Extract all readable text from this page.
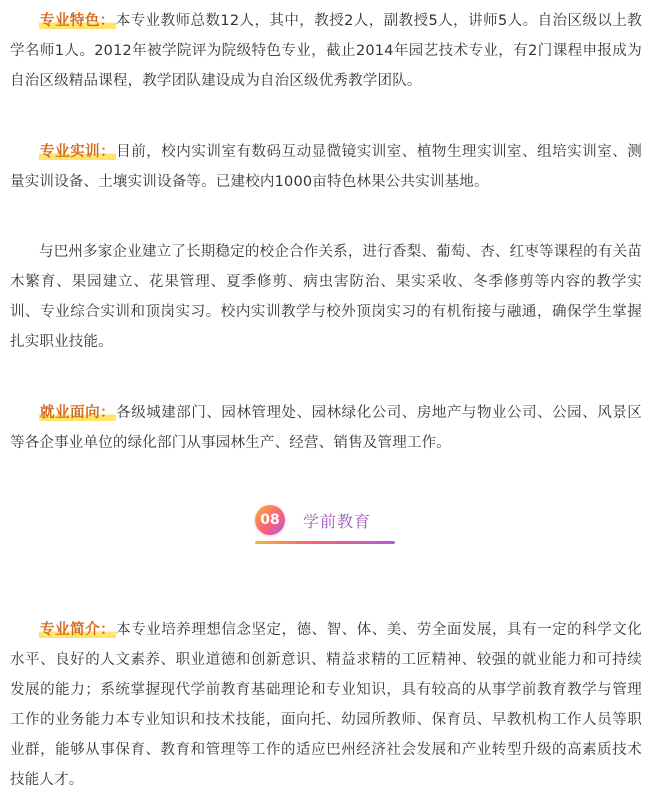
专业特色：本专业教师总数12人，其中，教授2人，副教授5人，讲师5人。自治区级以上教学名师1人。2012年被学院评为院级特色专业，截止2014年园艺技术专业，有2门课程申报成为自治区级精品课程，教学团队建设成为自治区级优秀教学团队。

专业实训：目前，校内实训室有数码互动显微镜实训室、植物生理实训室、组培实训室、测量实训设备、土壤实训设备等。已建校内1000亩特色林果公共实训基地。

与巴州多家企业建立了长期稳定的校企合作关系，进行香梨、葡萄、杏、红枣等课程的有关苗木繁育、果园建立、花果管理、夏季修剪、病虫害防治、果实采收、冬季修剪等内容的教学实训、专业综合实训和顶岗实习。校内实训教学与校外顶岗实习的有机衔接与融通，确保学生掌握扎实职业技能。

就业面向：各级城建部门、园林管理处、园林绿化公司、房地产与物业公司、公园、风景区等各企事业单位的绿化部门从事园林生产、经营、销售及管理工作。

08	学前教育

专业简介：本专业培养理想信念坚定，德、智、体、美、劳全面发展，具有一定的科学文化水平、良好的人文素养、职业道德和创新意识、精益求精的工匠精神、较强的就业能力和可持续发展的能力；系统掌握现代学前教育基础理论和专业知识，具有较高的从事学前教育教学与管理工作的业务能力本专业知识和技术技能，面向托、幼园所教师、保育员、早教机构工作人员等职业群，能够从事保育、教育和管理等工作的适应巴州经济社会发展和产业转型升级的高素质技术技能人才。
